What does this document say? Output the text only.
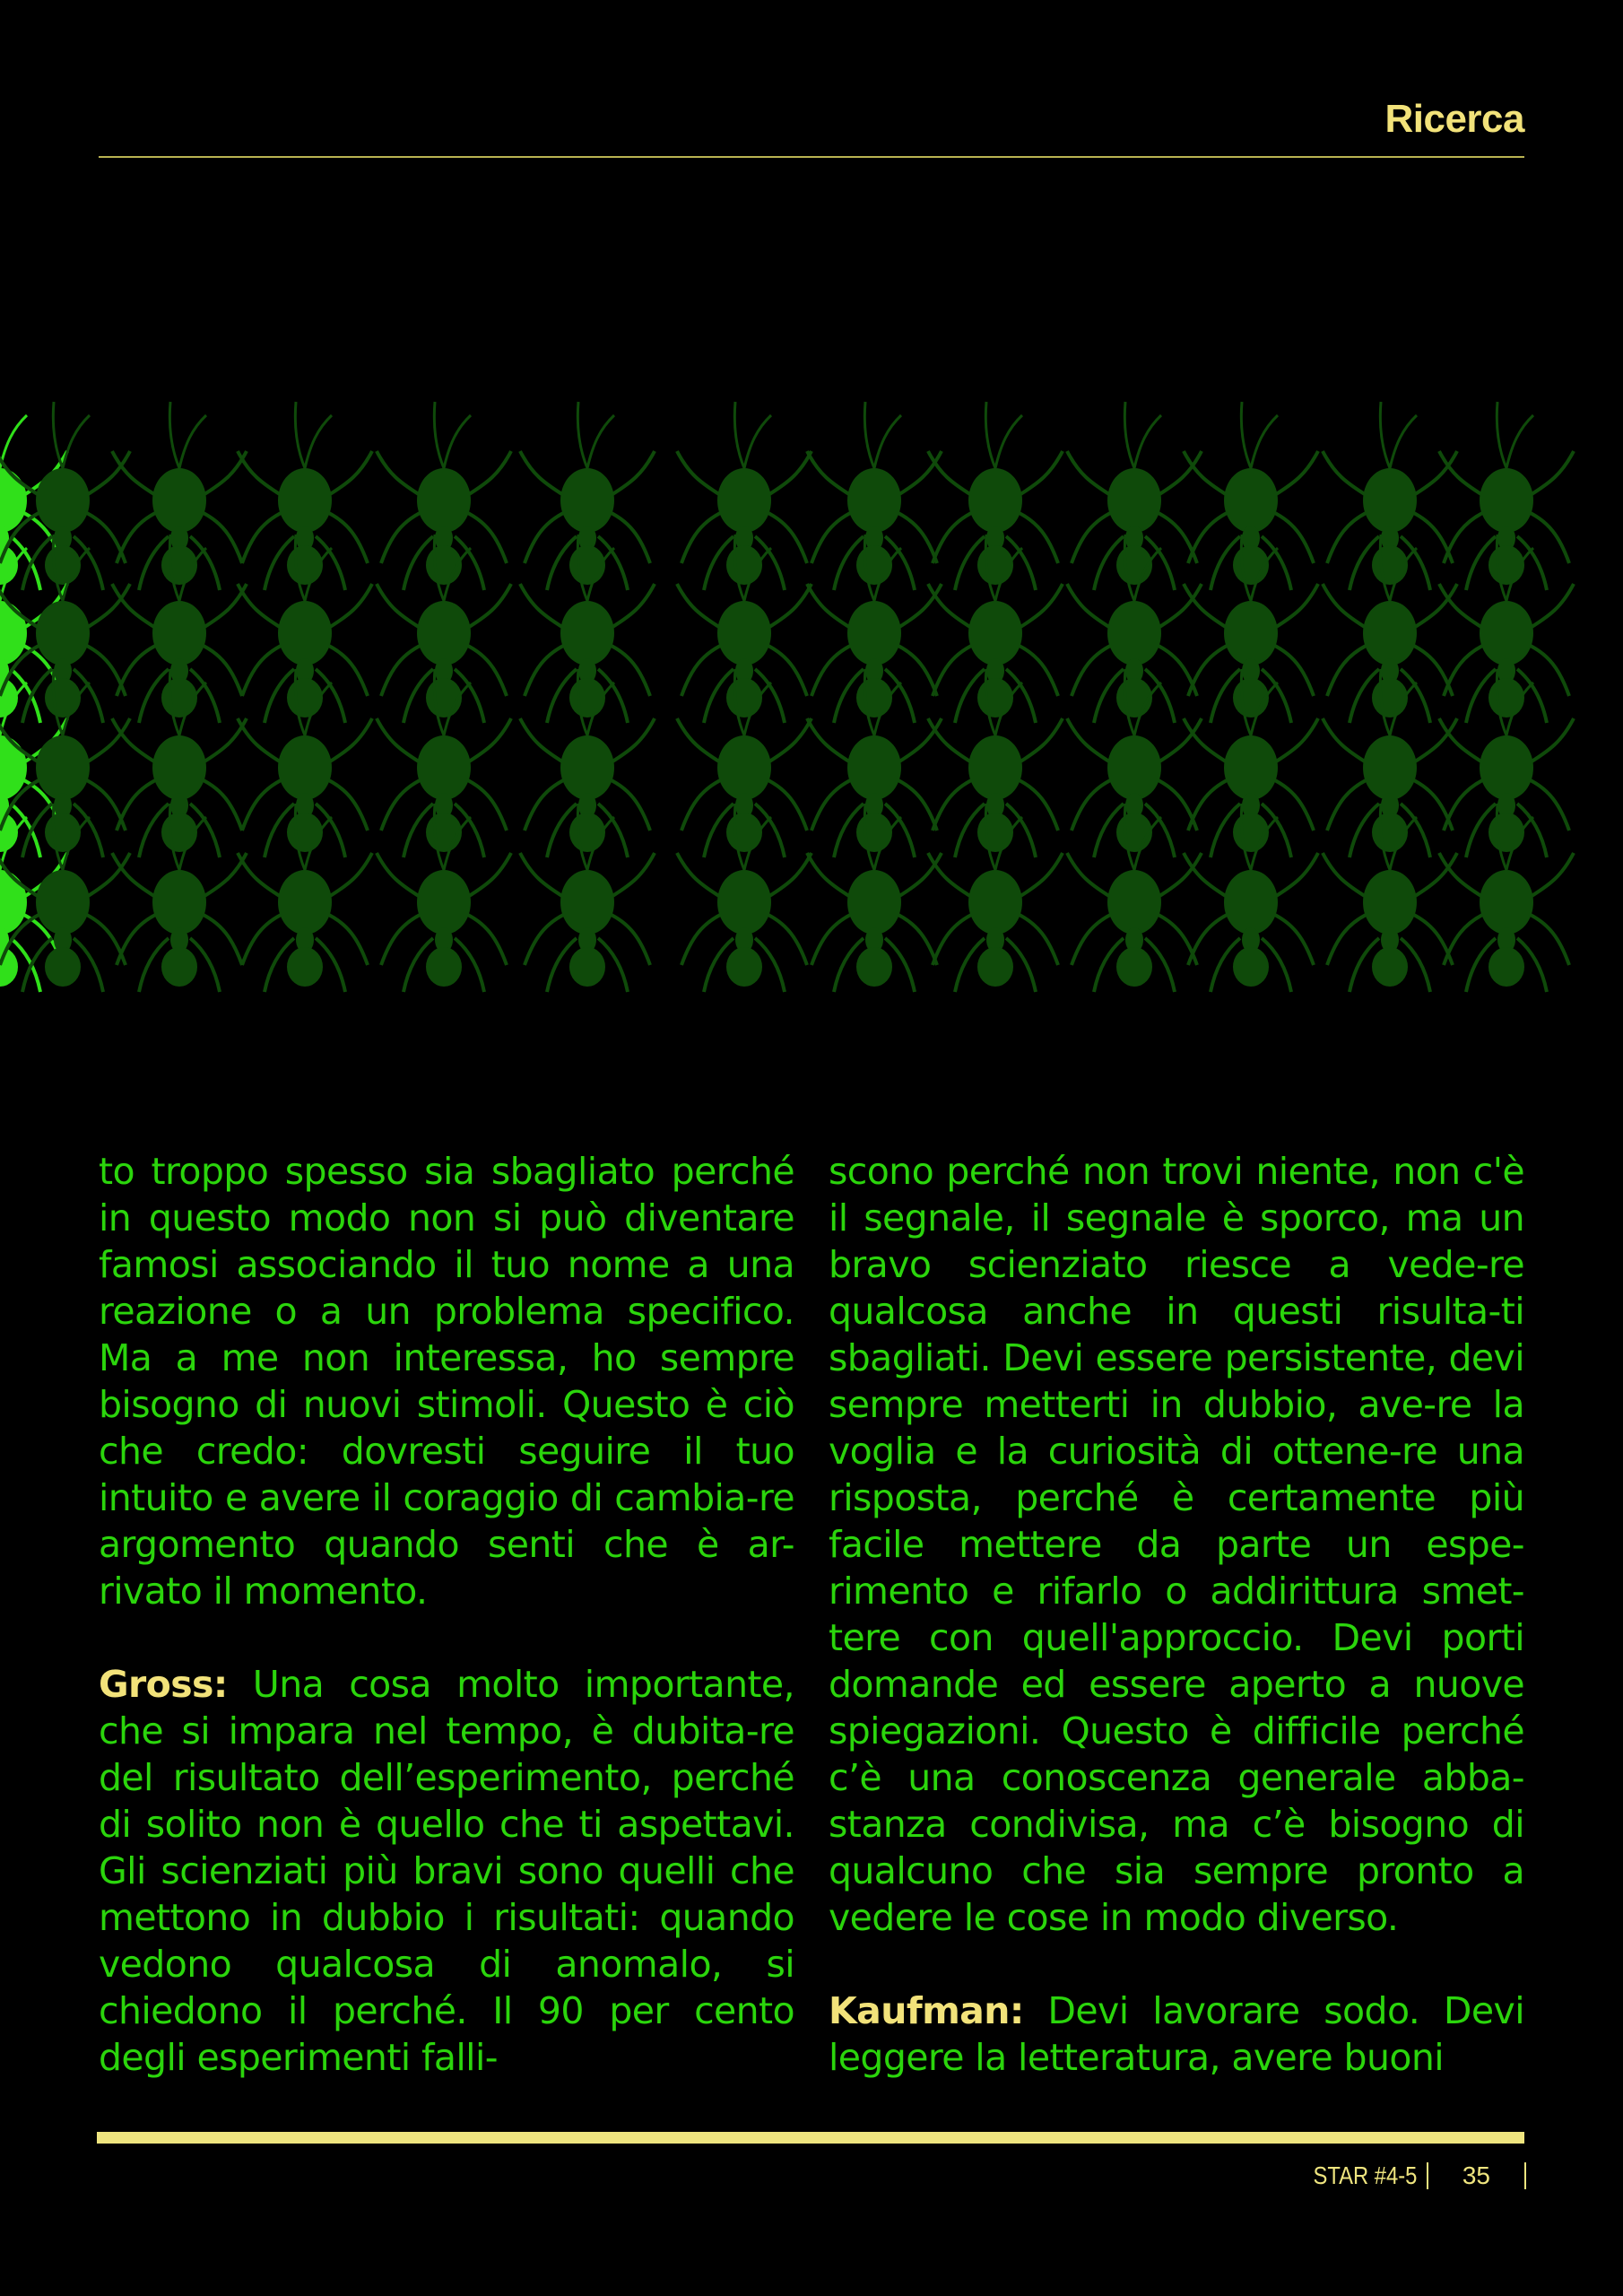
Ricerca

to troppo spesso sia sbagliato perché in questo modo non si può diventare famosi associando il tuo nome a una reazione o a un problema specifico. Ma a me non interessa, ho sempre bisogno di nuovi stimoli. Questo è ciò che credo: dovresti seguire il tuo intuito e avere il coraggio di cambia-re argomento quando senti che è ar-rivato il momento.

Gross: Una cosa molto importante, che si impara nel tempo, è dubita-re del risultato dell’esperimento, perché di solito non è quello che ti aspettavi. Gli scienziati più bravi sono quelli che mettono in dubbio i risultati: quando vedono qualcosa di anomalo, si chiedono il perché. Il 90 per cento degli esperimenti falli-

scono perché non trovi niente, non c'è il segnale, il segnale è sporco, ma un bravo scienziato riesce a vede-re qualcosa anche in questi risulta-ti sbagliati. Devi essere persistente, devi sempre metterti in dubbio, ave-re la voglia e la curiosità di ottene-re una risposta, perché è certamente più facile mettere da parte un espe-rimento e rifarlo o addirittura smet-tere con quell'approccio. Devi porti domande ed essere aperto a nuove spiegazioni. Questo è difficile perché c’è una conoscenza generale abba-stanza condivisa, ma c’è bisogno di qualcuno che sia sempre pronto a vedere le cose in modo diverso.

Kaufman: Devi lavorare sodo. Devi leggere la letteratura, avere buoni

STAR #4-5 35
